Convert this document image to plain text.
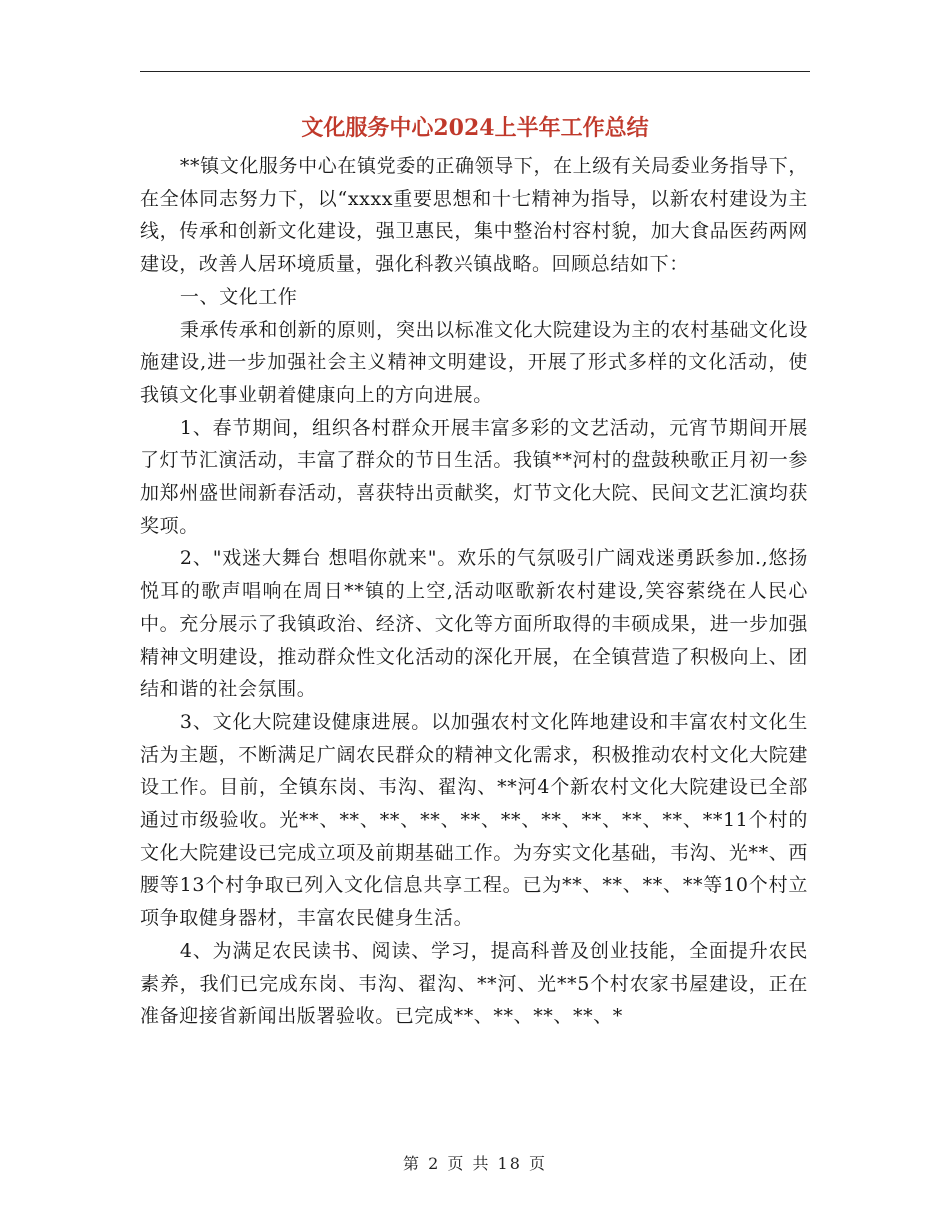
文化服务中心2024上半年工作总结

**镇文化服务中心在镇党委的正确领导下，在上级有关局委业务指导下，在全体同志努力下，以“xxxx重要思想和十七精神为指导，以新农村建设为主线，传承和创新文化建设，强卫惠民，集中整治村容村貌，加大食品医药两网建设，改善人居环境质量，强化科教兴镇战略。回顾总结如下：

一、文化工作

秉承传承和创新的原则，突出以标准文化大院建设为主的农村基础文化设施建设,进一步加强社会主义精神文明建设，开展了形式多样的文化活动，使我镇文化事业朝着健康向上的方向进展。

1、春节期间，组织各村群众开展丰富多彩的文艺活动，元宵节期间开展了灯节汇演活动，丰富了群众的节日生活。我镇**河村的盘鼓秧歌正月初一参加郑州盛世闹新春活动，喜获特出贡献奖，灯节文化大院、民间文艺汇演均获奖项。

2、"戏迷大舞台 想唱你就来"。欢乐的气氛吸引广阔戏迷勇跃参加.,悠扬悦耳的歌声唱响在周日**镇的上空,活动呕歌新农村建设,笑容萦绕在人民心中。充分展示了我镇政治、经济、文化等方面所取得的丰硕成果，进一步加强精神文明建设，推动群众性文化活动的深化开展，在全镇营造了积极向上、团结和谐的社会氛围。

3、文化大院建设健康进展。以加强农村文化阵地建设和丰富农村文化生活为主题，不断满足广阔农民群众的精神文化需求，积极推动农村文化大院建设工作。目前，全镇东岗、韦沟、翟沟、**河4个新农村文化大院建设已全部通过市级验收。光**、**、**、**、**、**、**、**、**、**、**11个村的文化大院建设已完成立项及前期基础工作。为夯实文化基础，韦沟、光**、西腰等13个村争取已列入文化信息共享工程。已为**、**、**、**等10个村立项争取健身器材，丰富农民健身生活。

4、为满足农民读书、阅读、学习，提高科普及创业技能，全面提升农民素养，我们已完成东岗、韦沟、翟沟、**河、光**5个村农家书屋建设，正在准备迎接省新闻出版署验收。已完成**、**、**、**、*

第 2 页 共 18 页
